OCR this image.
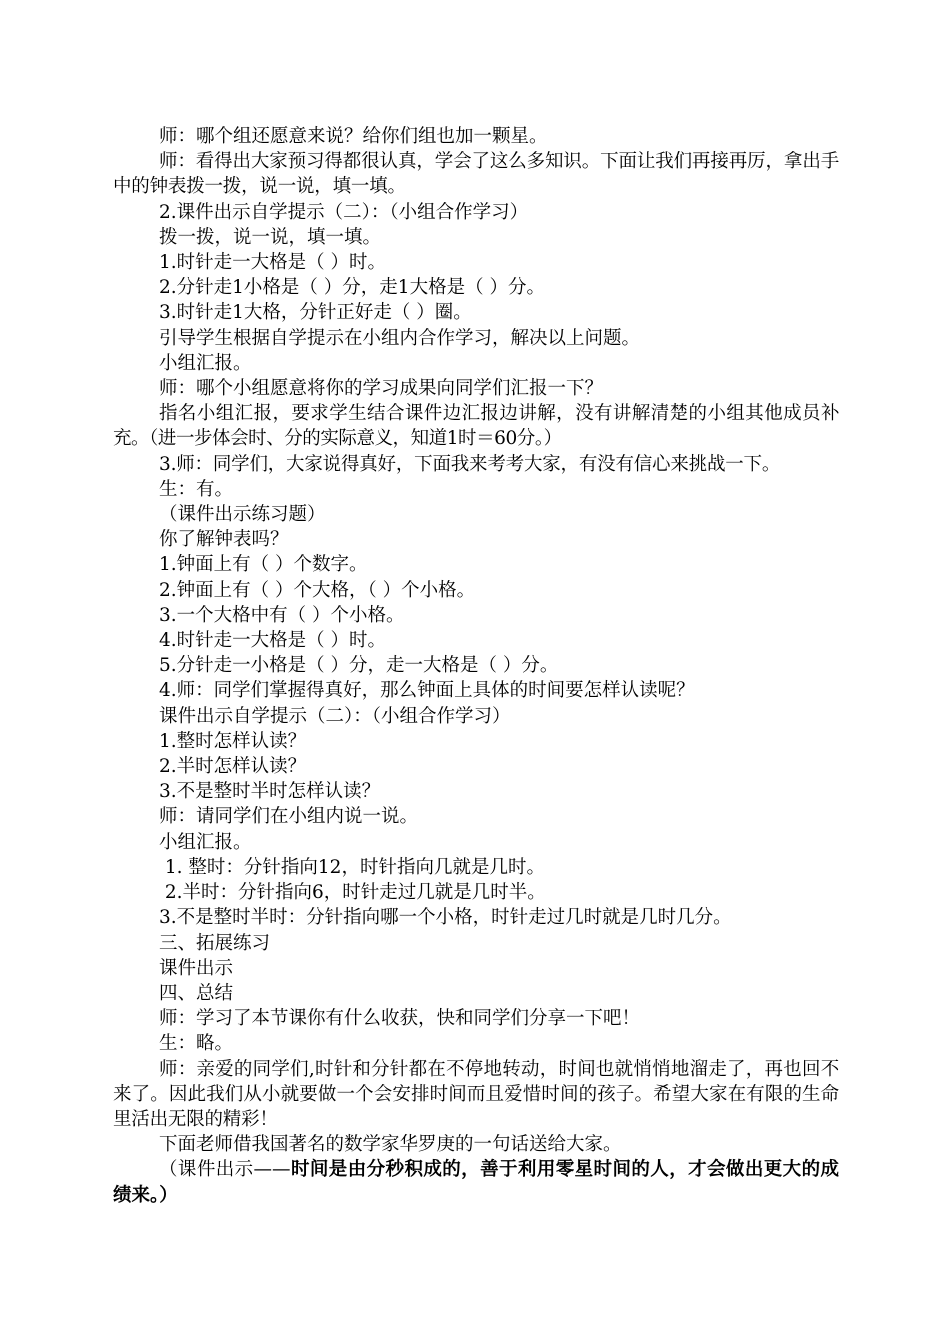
师：哪个组还愿意来说？给你们组也加一颗星。

师：看得出大家预习得都很认真，学会了这么多知识。下面让我们再接再厉，拿出手中的钟表拨一拨，说一说，填一填。

2.课件出示自学提示（二）：（小组合作学习）

拨一拨，说一说，填一填。

1.时针走一大格是（ ）时。

2.分针走1小格是（ ）分，走1大格是（ ）分。

3.时针走1大格，分针正好走（ ）圈。

引导学生根据自学提示在小组内合作学习，解决以上问题。

小组汇报。

师：哪个小组愿意将你的学习成果向同学们汇报一下？

指名小组汇报，要求学生结合课件边汇报边讲解，没有讲解清楚的小组其他成员补充。（进一步体会时、分的实际意义，知道1时＝60分。）

3.师：同学们，大家说得真好，下面我来考考大家，有没有信心来挑战一下。

生：有。

（课件出示练习题）

你了解钟表吗？

1.钟面上有（ ）个数字。

2.钟面上有（ ）个大格，（ ）个小格。

3.一个大格中有（ ）个小格。

4.时针走一大格是（ ）时。

5.分针走一小格是（ ）分，走一大格是（ ）分。

4.师：同学们掌握得真好，那么钟面上具体的时间要怎样认读呢？

课件出示自学提示（二）：（小组合作学习）

1.整时怎样认读？

2.半时怎样认读？

3.不是整时半时怎样认读？

师：请同学们在小组内说一说。

小组汇报。

1. 整时：分针指向12，时针指向几就是几时。

2.半时：分针指向6，时针走过几就是几时半。

3.不是整时半时：分针指向哪一个小格，时针走过几时就是几时几分。

三、拓展练习

课件出示

四、总结

师：学习了本节课你有什么收获，快和同学们分享一下吧！

生：略。

师：亲爱的同学们,时针和分针都在不停地转动，时间也就悄悄地溜走了，再也回不来了。因此我们从小就要做一个会安排时间而且爱惜时间的孩子。希望大家在有限的生命里活出无限的精彩！

下面老师借我国著名的数学家华罗庚的一句话送给大家。

（课件出示——时间是由分秒积成的，善于利用零星时间的人，才会做出更大的成绩来。）
